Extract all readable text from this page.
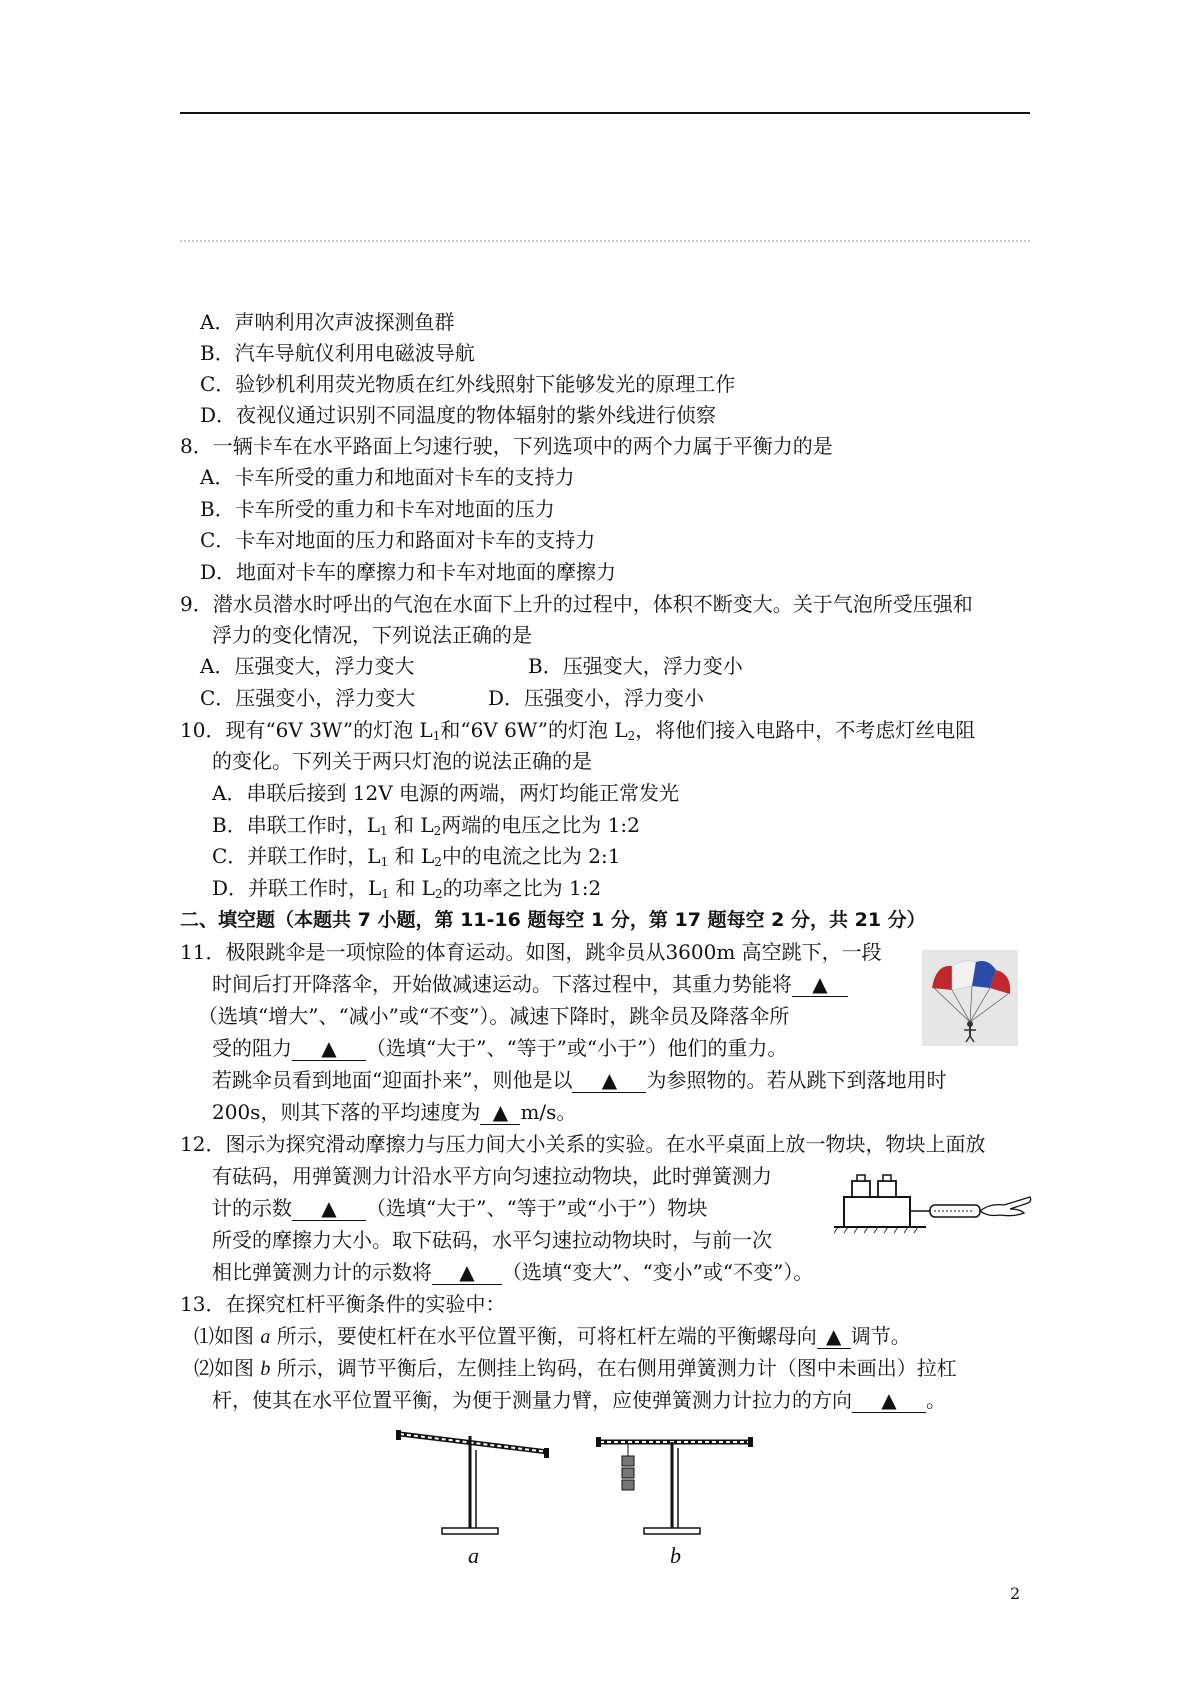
A．声呐利用次声波探测鱼群
B．汽车导航仪利用电磁波导航
C．验钞机利用荧光物质在红外线照射下能够发光的原理工作
D．夜视仪通过识别不同温度的物体辐射的紫外线进行侦察
8．一辆卡车在水平路面上匀速行驶，下列选项中的两个力属于平衡力的是
A．卡车所受的重力和地面对卡车的支持力
B．卡车所受的重力和卡车对地面的压力
C．卡车对地面的压力和路面对卡车的支持力
D．地面对卡车的摩擦力和卡车对地面的摩擦力
9．潜水员潜水时呼出的气泡在水面下上升的过程中，体积不断变大。关于气泡所受压强和
浮力的变化情况，下列说法正确的是
A．压强变大，浮力变大	B．压强变大，浮力变小
C．压强变小，浮力变大	D．压强变小，浮力变小
10．现有“6V 3W”的灯泡 $L_1$和“6V 6W”的灯泡 $L_2$，将他们接入电路中，不考虑灯丝电阻
的变化。下列关于两只灯泡的说法正确的是
A．串联后接到 12V 电源的两端，两灯均能正常发光
B．串联工作时，$L_1$ 和 $L_2$两端的电压之比为 1:2
C．并联工作时，$L_1$ 和 $L_2$中的电流之比为 2:1
D．并联工作时，$L_1$ 和 $L_2$的功率之比为 1:2
二、填空题（本题共 7 小题，第 11-16 题每空 1 分，第 17 题每空 2 分，共 21 分）
11．极限跳伞是一项惊险的体育运动。如图，跳伞员从3600m 高空跳下，一段
时间后打开降落伞，开始做减速运动。下落过程中，其重力势能将 ▲
（选填“增大”、“减小”或“不变”）。减速下降时，跳伞员及降落伞所
受的阻力 ▲ （选填“大于”、“等于”或“小于”）他们的重力。
若跳伞员看到地面“迎面扑来”，则他是以 ▲ 为参照物的。若从跳下到落地用时
200s，则其下落的平均速度为 ▲ m/s。
12．图示为探究滑动摩擦力与压力间大小关系的实验。在水平桌面上放一物块，物块上面放
有砝码，用弹簧测力计沿水平方向匀速拉动物块，此时弹簧测力
计的示数 ▲ （选填“大于”、“等于”或“小于”）物块
所受的摩擦力大小。取下砝码，水平匀速拉动物块时，与前一次
相比弹簧测力计的示数将 ▲ （选填“变大”、“变小”或“不变”）。
13．在探究杠杆平衡条件的实验中：
⑴如图 a 所示，要使杠杆在水平位置平衡，可将杠杆左端的平衡螺母向 ▲ 调节。
⑵如图 b 所示，调节平衡后，左侧挂上钩码，在右侧用弹簧测力计（图中未画出）拉杠
杆，使其在水平位置平衡，为便于测量力臂，应使弹簧测力计拉力的方向 ▲ 。
a	b
2
